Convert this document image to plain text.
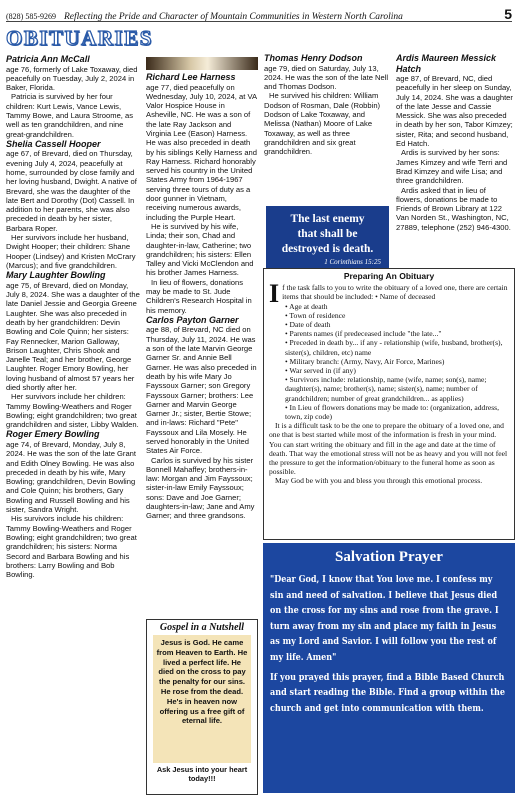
(828) 585-9269 Reflecting the Pride and Character of Mountain Communities in Western North Carolina	5
OBITUARIES
Patricia Ann McCall

age 76, formerly of Lake Toxaway, died peacefully on Tuesday, July 2, 2024 in Baker, Florida.

Patricia is survived by her four children: Kurt Lewis, Vance Lewis, Tammy Bowe, and Laura Stroome, as well as ten grandchildren, and nine great-grandchildren.

Shelia Cassell Hooper

age 67, of Brevard, died on Thursday, evening July 4, 2024, peacefully at home, surrounded by close family and her loving husband, Dwight. A native of Brevard, she was the daughter of the late Bert and Dorothy (Dot) Cassell. In addition to her parents, she was also preceded in death by her sister, Barbara Roper.

Her survivors include her husband, Dwight Hooper; their children: Shane Hooper (Lindsey) and Kristen McCrary (Marcus); and five grandchildren.

Mary Laughter Bowling

age 75, of Brevard, died on Monday, July 8, 2024. She was a daughter of the late Daniel Jessie and Georgia Greene Laughter. She was also preceded in death by her grandchildren: Devin Bowling and Cole Quinn; her sisters: Fay Rennecker, Marion Galloway, Brison Laughter, Chris Shook and Janelle Teal; and her brother, George Laughter. Roger Emory Bowling, her loving husband of almost 57 years her died shortly after her.

Her survivors include her children: Tammy Bowling-Weathers and Roger Bowling; eight grandchildren; two great grandchildren and sister, Libby Walden.

Roger Emery Bowling

age 74, of Brevard, Monday, July 8, 2024. He was the son of the late Grant and Edith Olney Bowling. He was also preceded in death by his wife, Mary Bowling; grandchildren, Devin Bowling and Cole Quinn; his brothers, Gary Bowling and Russell Bowling and his sister, Sandra Wright.

His survivors include his children: Tammy Bowling-Weathers and Roger Bowling; eight grandchildren; two great grandchildren; his sisters: Norma Secord and Barbara Bowling and his brothers: Larry Bowling and Bob Bowling.

Richard Lee Harness

age 77, died peacefully on Wednesday, July 10, 2024, at VA Valor Hospice House in Asheville, NC. He was a son of the late Ray Jackson and Virginia Lee (Eason) Harness. He was also preceded in death by his siblings Kelly Harness and Ray Harness. Richard honorably served his country in the United States Army from 1964-1967 serving three tours of duty as a door gunner in Vietnam, receiving numerous awards, including the Purple Heart.

He is survived by his wife, Linda; their son, Chad and daughter-in-law, Catherine; two grandchildren; his sisters: Ellen Talley and Vicki McClendon and his brother James Harness.

In lieu of flowers, donations may be made to St. Jude Children's Research Hospital in his memory.

Carlos Payton Garner

age 88, of Brevard, NC died on Thursday, July 11, 2024. He was a son of the late Marvin George Garner Sr. and Annie Bell Garner. He was also preceded in death by his wife Mary Jo Fayssoux Garner; son Gregory Fayssoux Garner; brothers: Lee Garner and Marvin George Garner Jr.; sister, Bertie Stowe; and in-laws: Richard "Pete" Fayssoux and Lila Mosely. He served honorably in the United States Air Force.

Carlos is survived by his sister Bonnell Mahaffey; brothers-in-law: Morgan and Jim Fayssoux; sister-in-law Emily Fayssoux; sons: Dave and Joe Garner; daughters-in-law; Jane and Amy Garner; and three grandsons.

Thomas Henry Dodson

age 79, died on Saturday, July 13, 2024. He was the son of the late Nell and Thomas Dodson.

He survived his children: William Dodson of Rosman, Dale (Robbin) Dodson of Lake Toxaway, and Melissa (Nathan) Moore of Lake Toxaway, as well as three grandchildren and six great grandchildren.

Ardis Maureen Messick Hatch

age 87, of Brevard, NC, died peacefully in her sleep on Sunday, July 14, 2024. She was a daughter of the late Jesse and Cassie Messick. She was also preceded in death by her son, Tabor Kimzey; sister, Rita; and second husband, Ed Hatch.

Ardis is survived by her sons: James Kimzey and wife Terri and Brad Kimzey and wife Lisa; and three grandchildren.

Ardis asked that in lieu of flowers, donations be made to Friends of Brown Library at 122 Van Norden St., Washington, NC, 27889, telephone (252) 946-4300.

The last enemy
that shall be
destroyed is death.
1 Corinthians 15:25
Preparing An Obituary
I f the task falls to you to write the obituary of a loved one, there are certain items that should be included: • Name of deceased
• Age at death
• Town of residence
• Date of death
• Parents names (if predeceased include "the late..."
• Preceded in death by... if any - relationship (wife, husband, brother(s), sister(s), children, etc) name
• Military branch: (Army, Navy, Air Force, Marines)
• War served in (if any)
• Survivors include: relationship, name (wife, name; son(s), name; daughter(s), name; brother(s), name; sister(s), name; number of grandchildren; number of great grandchildren... as applies)
• In Lieu of flowers donations may be made to: (organization, address, town, zip code)

It is a difficult task to be the one to prepare the obituary of a loved one, and one that is best started while most of the information is fresh in your mind. You can start writing the obituary and fill in the age and date at the time of death. That way the emotional stress will not be as heavy and you will not feel the pressure to get the information/obituary to the funeral home as soon as possible.

May God be with you and bless you through this emotional process.

Salvation Prayer

"Dear God, I know that You love me. I confess my sin and need of salvation. I believe that Jesus died on the cross for my sins and rose from the grave. I turn away from my sin and place my faith in Jesus as my Lord and Savior. I will follow you the rest of my life. Amen"

If you prayed this prayer, find a Bible Based Church and start reading the Bible. Find a group within the church and get into communication with them.

Gospel in a Nutshell
Jesus is God. He came from Heaven to Earth. He lived a perfect life. He died on the cross to pay the penalty for our sins. He rose from the dead. He's in heaven now offering us a free gift of eternal life.
Ask Jesus into your heart today!!!
